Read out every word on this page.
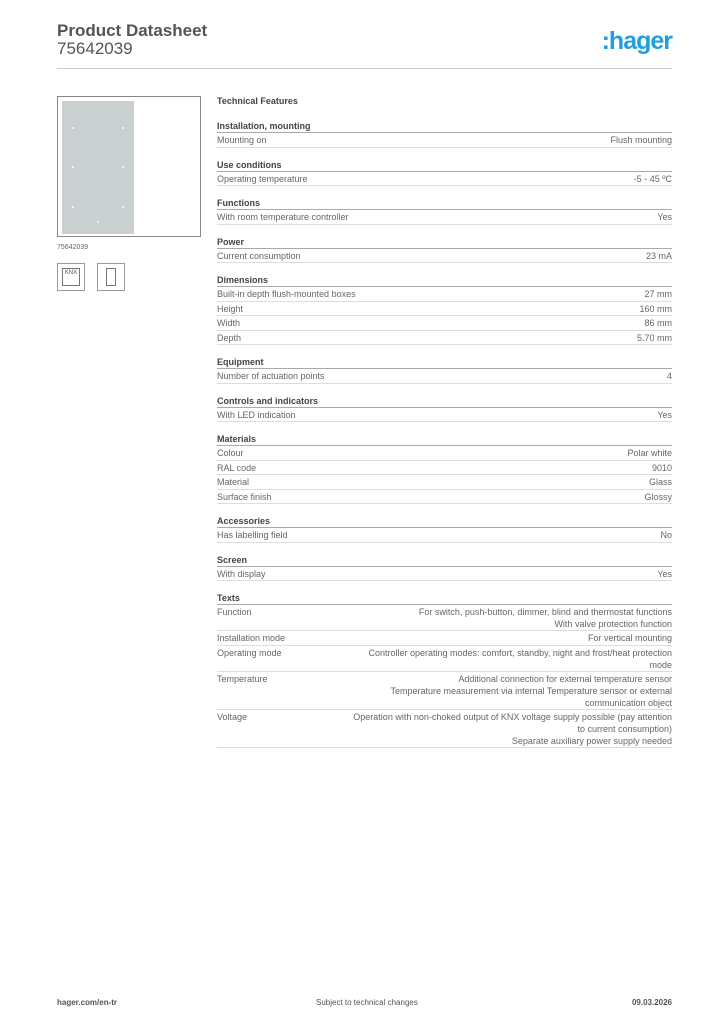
Product Datasheet
75642039	:hager
75642039
KNX
Technical Features
Installation, mounting
Mounting on	Flush mounting
Use conditions
Operating temperature	-5 - 45 ºC
Functions
With room temperature controller	Yes
Power
Current consumption	23 mA
Dimensions
Built-in depth flush-mounted boxes	27 mm
Height	160 mm
Width	86 mm
Depth	5.70 mm
Equipment
Number of actuation points	4
Controls and indicators
With LED indication	Yes
Materials
Colour	Polar white
RAL code	9010
Material	Glass
Surface finish	Glossy
Accessories
Has labelling field	No
Screen
With display	Yes
Texts
Function	For switch, push-button, dimmer, blind and thermostat functions
With valve protection function
Installation mode	For vertical mounting
Operating mode	Controller operating modes: comfort, standby, night and frost/heat protection mode
Temperature	Additional connection for external temperature sensor
Temperature measurement via internal Temperature sensor or external communication object
Voltage	Operation with non-choked output of KNX voltage supply possible (pay attention to current consumption)
Separate auxiliary power supply needed
hager.com/en-tr	Subject to technical changes	09.03.2026
